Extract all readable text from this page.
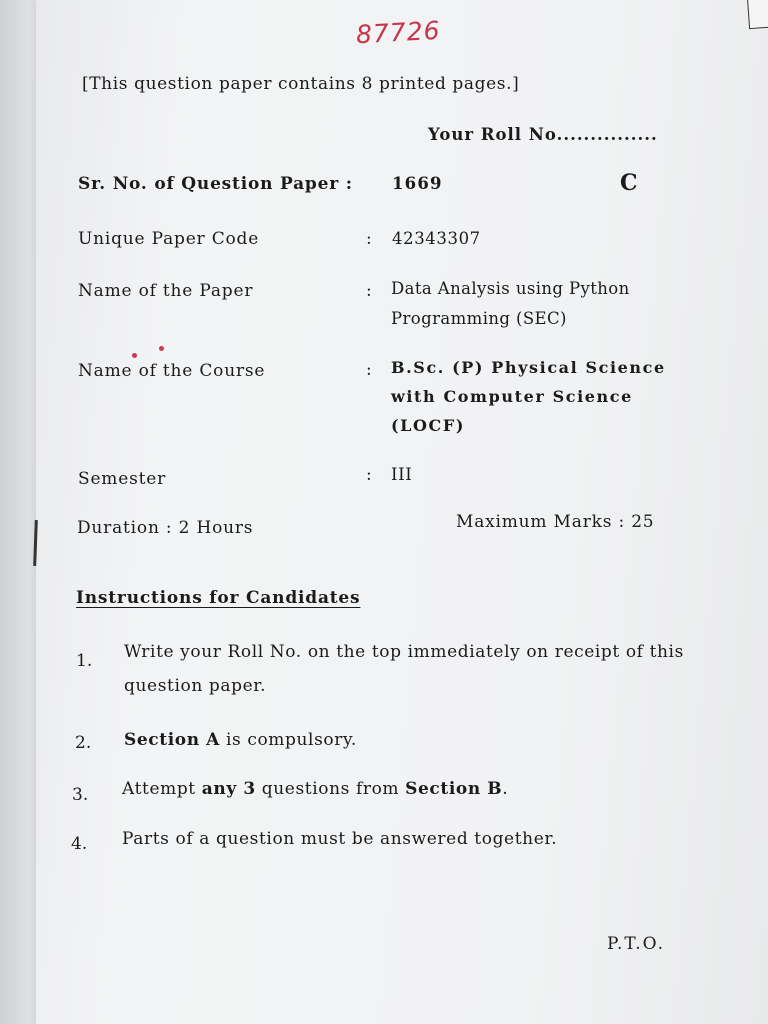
87726
[This question paper contains 8 printed pages.]
Your Roll No...............
Sr. No. of Question Paper : 1669	C
Unique Paper Code	: 42343307
Name of the Paper	: Data Analysis using Python Programming (SEC)
Name of the Course	: B.Sc. (P) Physical Science with Computer Science (LOCF)
Semester	: III
Duration : 2 Hours	Maximum Marks : 25
Instructions for Candidates
1. Write your Roll No. on the top immediately on receipt of this question paper.
2. Section A is compulsory.
3. Attempt any 3 questions from Section B.
4. Parts of a question must be answered together.
P.T.O.
